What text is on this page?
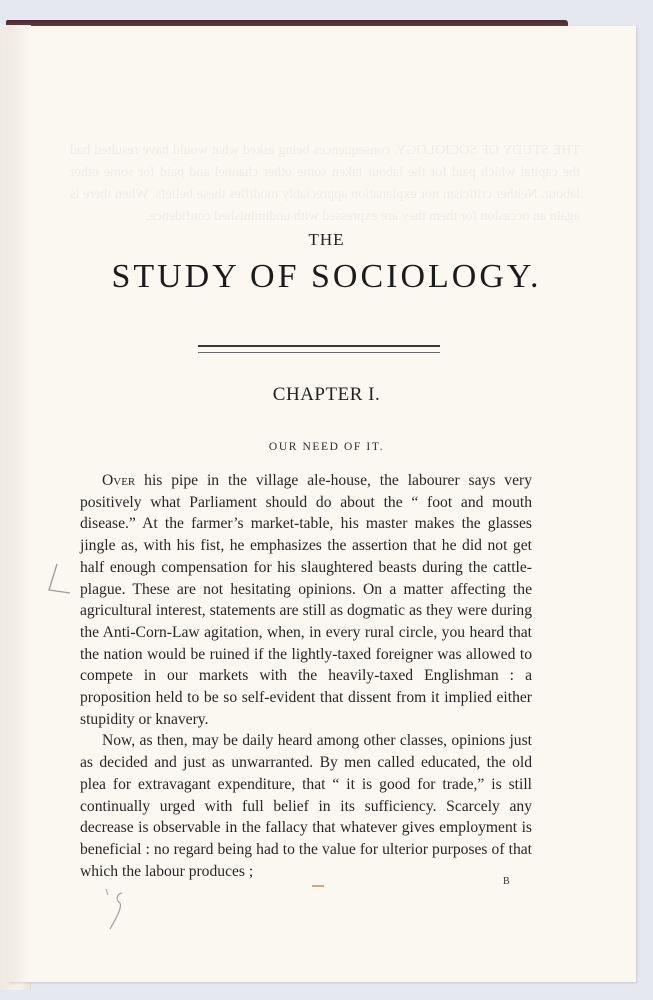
THE
STUDY OF SOCIOLOGY.
CHAPTER I.
OUR NEED OF IT.

Over his pipe in the village ale-house, the labourer says very positively what Parliament should do about the “ foot and mouth disease.” At the farmer’s market-table, his master makes the glasses jingle as, with his fist, he emphasizes the assertion that he did not get half enough compensation for his slaughtered beasts during the cattle-plague. These are not hesitating opinions. On a matter affecting the agricultural interest, statements are still as dogmatic as they were during the Anti-Corn-Law agitation, when, in every rural circle, you heard that the nation would be ruined if the lightly-taxed foreigner was allowed to compete in our markets with the heavily-taxed Englishman : a proposition held to be so self-evident that dissent from it implied either stupidity or knavery.

Now, as then, may be daily heard among other classes, opinions just as decided and just as unwarranted. By men called educated, the old plea for extravagant expenditure, that “ it is good for trade,” is still continually urged with full belief in its sufficiency. Scarcely any decrease is observable in the fallacy that whatever gives employment is beneficial : no regard being had to the value for ulterior purposes of that which the labour produces ;

B
